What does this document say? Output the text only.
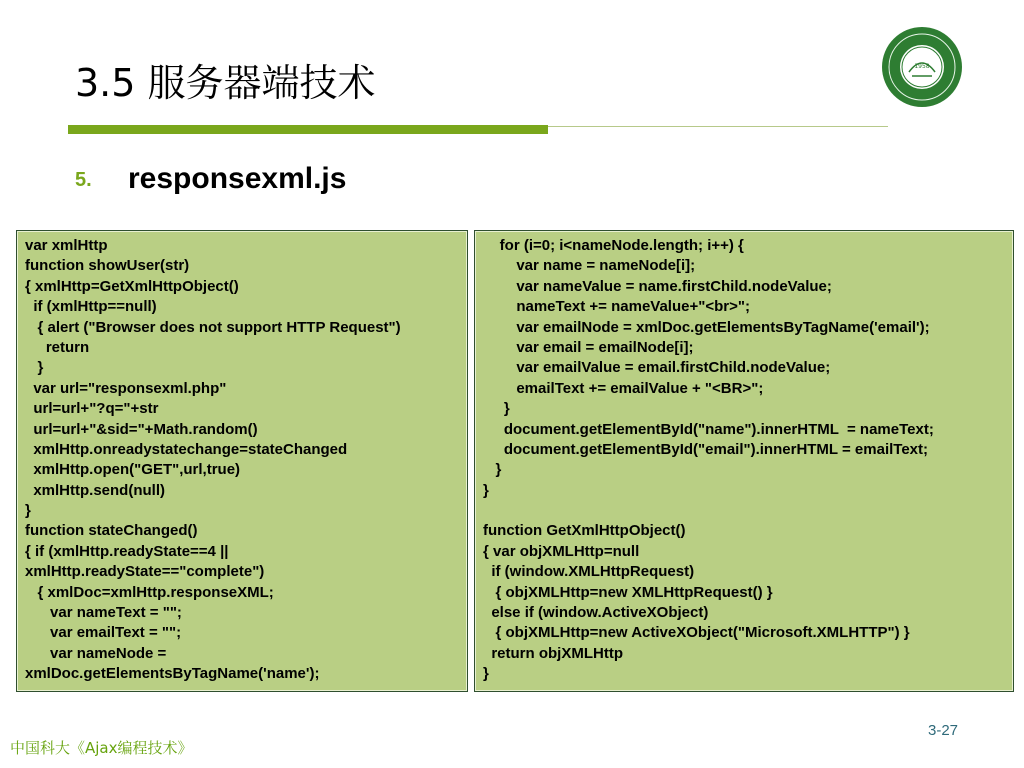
3.5 服务器端技术	1958
5. responsexml.js
var xmlHttp
function showUser(str)
{ xmlHttp=GetXmlHttpObject()
if (xmlHttp==null)
{ alert ("Browser does not support HTTP Request")
return
}
var url="responsexml.php"
url=url+"?q="+str
url=url+"&sid="+Math.random()
xmlHttp.onreadystatechange=stateChanged
xmlHttp.open("GET",url,true)
xmlHttp.send(null)
}
function stateChanged()
{ if (xmlHttp.readyState==4 ||
xmlHttp.readyState=="complete")
{ xmlDoc=xmlHttp.responseXML;
var nameText = "";
var emailText = "";
var nameNode =
xmlDoc.getElementsByTagName('name');
for (i=0; i<nameNode.length; i++) {
var name = nameNode[i];
var nameValue = name.firstChild.nodeValue;
nameText += nameValue+"<br>";
var emailNode = xmlDoc.getElementsByTagName('email');
var email = emailNode[i];
var emailValue = email.firstChild.nodeValue;
emailText += emailValue + "<BR>";
}
document.getElementById("name").innerHTML  = nameText;
document.getElementById("email").innerHTML = emailText;
}
}
function GetXmlHttpObject()
{ var objXMLHttp=null
if (window.XMLHttpRequest)
{ objXMLHttp=new XMLHttpRequest() }
else if (window.ActiveXObject)
{ objXMLHttp=new ActiveXObject("Microsoft.XMLHTTP") }
return objXMLHttp
}
中国科大《Ajax编程技术》
3-27
